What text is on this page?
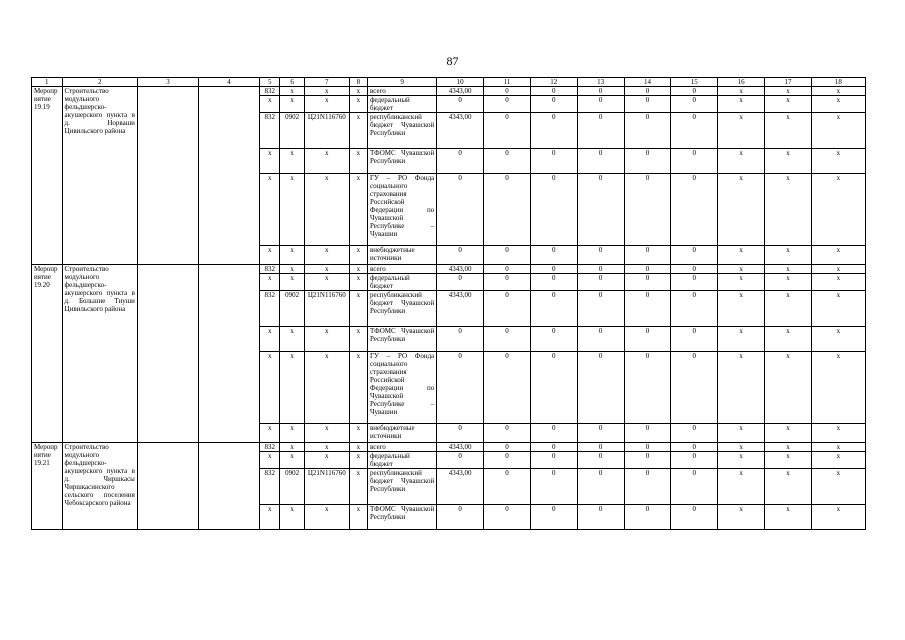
87
1	2	3	4	5	6	7	8	9	10	11	12	13	14	15	16	17	18
Мероприятие 19.19	Строительство модульного фельдшерско-акушерского пункта в д. Норваши Цивильского района			832	x	x	x	всего	4343,00	0	0	0	0	0	x	x	x
				x	x	x	x	федеральный бюджет	0	0	0	0	0	0	x	x	x
				832	0902	Ц21N116760	x	республиканский бюджет Чувашской Республики	4343,00	0	0	0	0	0	x	x	x
				x	x	x	x	ТФОМС Чувашской Республики	0	0	0	0	0	0	x	x	x
				x	x	x	x	ГУ – РО Фонда социального страхования Российской Федерации по Чувашской Республике – Чувашии	0	0	0	0	0	0	x	x	x
				x	x	x	x	внебюджетные источники	0	0	0	0	0	0	x	x	x
Мероприятие 19.20	Строительство модульного фельдшерско-акушерского пункта в д. Большие Тиуши Цивильского района			832	x	x	x	всего	4343,00	0	0	0	0	0	x	x	x
				x	x	x	x	федеральный бюджет	0	0	0	0	0	0	x	x	x
				832	0902	Ц21N116760	x	республиканский бюджет Чувашской Республики	4343,00	0	0	0	0	0	x	x	x
				x	x	x	x	ТФОМС Чувашской Республики	0	0	0	0	0	0	x	x	x
				x	x	x	x	ГУ – РО Фонда социального страхования Российской Федерации по Чувашской Республике – Чувашии	0	0	0	0	0	0	x	x	x
				x	x	x	x	внебюджетные источники	0	0	0	0	0	0	x	x	x
Мероприятие 19.21	Строительство модульного фельдшерско-акушерского пункта в д. Чиршкасы Чиршкасинского сельского поселения Чебоксарского района			832	x	x	x	всего	4343,00	0	0	0	0	0	x	x	x
				x	x	x	x	федеральный бюджет	0	0	0	0	0	0	x	x	x
				832	0902	Ц21N116760	x	республиканский бюджет Чувашской Республики	4343,00	0	0	0	0	0	x	x	x
				x	x	x	x	ТФОМС Чувашской Республики	0	0	0	0	0	0	x	x	x
